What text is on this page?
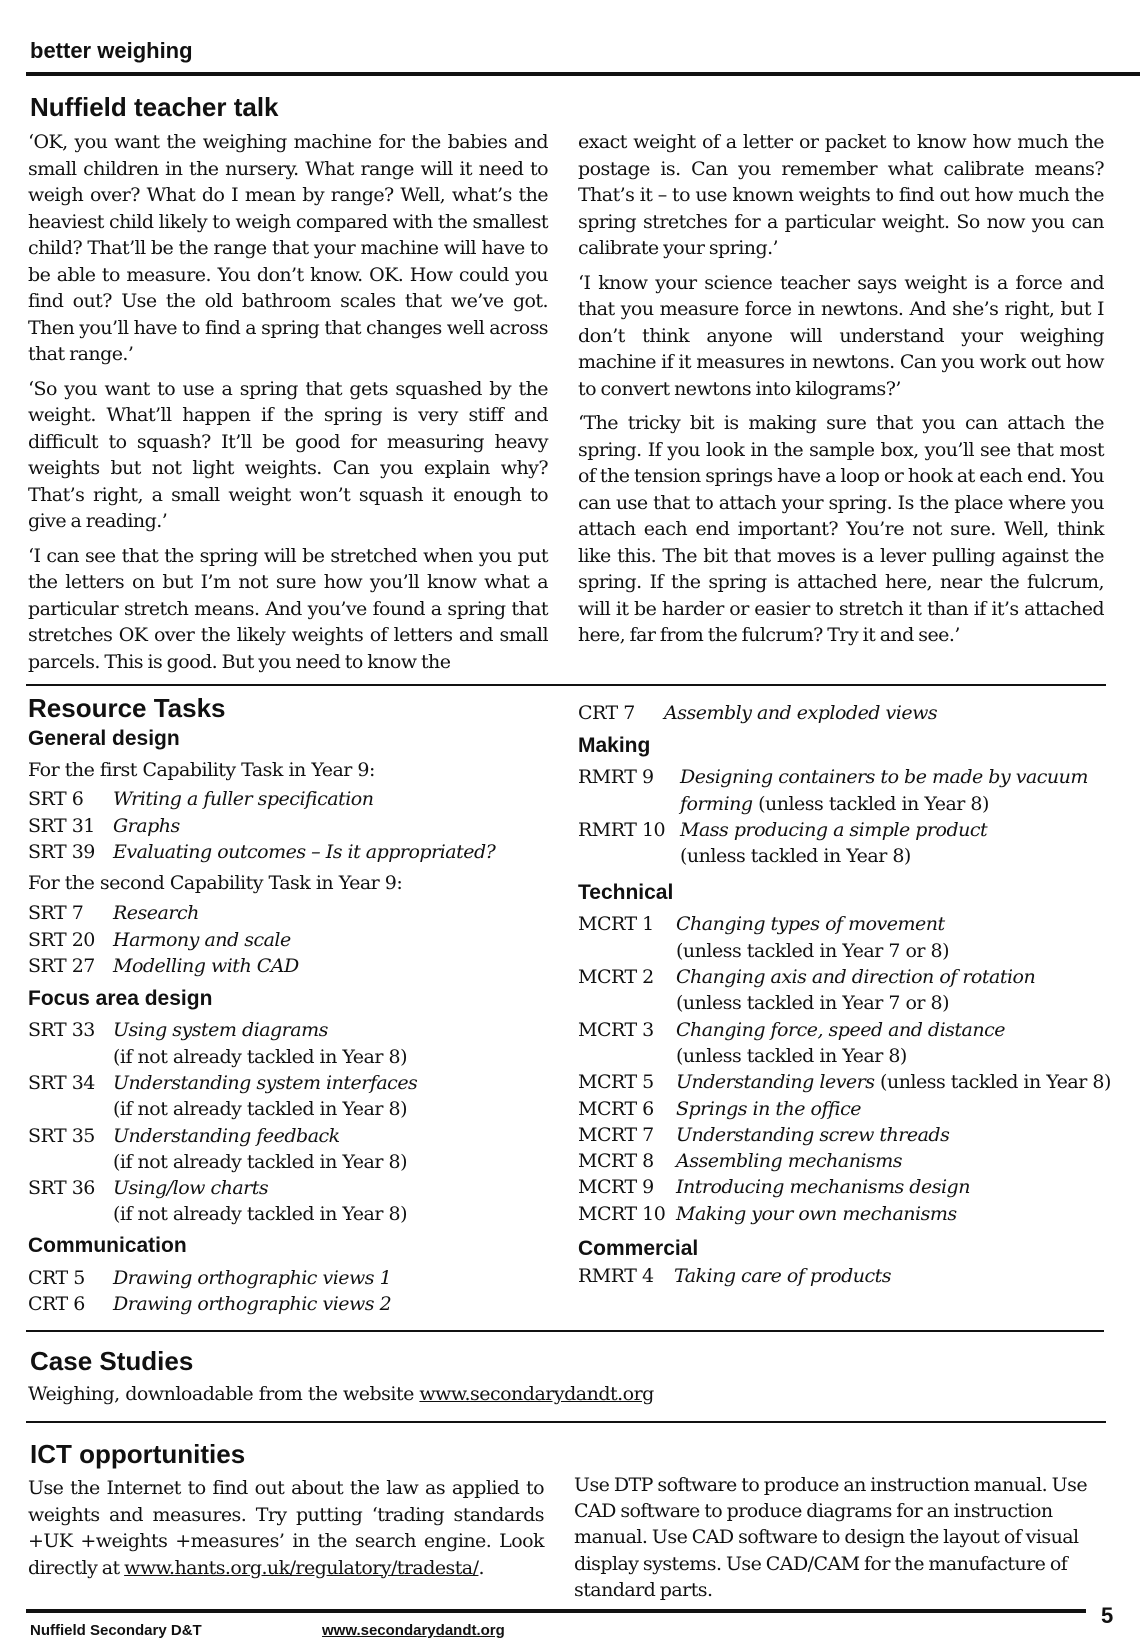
better weighing
Nuffield teacher talk

‘OK, you want the weighing machine for the babies and small children in the nursery. What range will it need to weigh over? What do I mean by range? Well, what’s the heaviest child likely to weigh compared with the smallest child? That’ll be the range that your machine will have to be able to measure. You don’t know. OK. How could you find out? Use the old bathroom scales that we’ve got. Then you’ll have to find a spring that changes well across that range.’

‘So you want to use a spring that gets squashed by the weight. What’ll happen if the spring is very stiff and difficult to squash? It’ll be good for measuring heavy weights but not light weights. Can you explain why? That’s right, a small weight won’t squash it enough to give a reading.’

‘I can see that the spring will be stretched when you put the letters on but I’m not sure how you’ll know what a particular stretch means. And you’ve found a spring that stretches OK over the likely weights of letters and small parcels. This is good. But you need to know the

exact weight of a letter or packet to know how much the postage is. Can you remember what calibrate means? That’s it – to use known weights to find out how much the spring stretches for a particular weight. So now you can calibrate your spring.’

‘I know your science teacher says weight is a force and that you measure force in newtons. And she’s right, but I don’t think anyone will understand your weighing machine if it measures in newtons. Can you work out how to convert newtons into kilograms?’

‘The tricky bit is making sure that you can attach the spring. If you look in the sample box, you’ll see that most of the tension springs have a loop or hook at each end. You can use that to attach your spring. Is the place where you attach each end important? You’re not sure. Well, think like this. The bit that moves is a lever pulling against the spring. If the spring is attached here, near the fulcrum, will it be harder or easier to stretch it than if it’s attached here, far from the fulcrum? Try it and see.’

Resource Tasks
General design
For the first Capability Task in Year 9:
SRT 6	Writing a fuller specification
SRT 31 Graphs
SRT 39 Evaluating outcomes – Is it appropriated?
For the second Capability Task in Year 9:
SRT 7	Research
SRT 20 Harmony and scale
SRT 27 Modelling with CAD
Focus area design
SRT 33 Using system diagrams
(if not already tackled in Year 8)
SRT 34 Understanding system interfaces
(if not already tackled in Year 8)
SRT 35 Understanding feedback
(if not already tackled in Year 8)
SRT 36 Using/low charts
(if not already tackled in Year 8)
Communication
CRT 5	Drawing orthographic views 1
CRT 6	Drawing orthographic views 2
CRT 7	Assembly and exploded views
Making
RMRT 9	Designing containers to be made by vacuum
forming (unless tackled in Year 8)
RMRT 10 Mass producing a simple product
(unless tackled in Year 8)
Technical
MCRT 1	Changing types of movement
(unless tackled in Year 7 or 8)
MCRT 2	Changing axis and direction of rotation
(unless tackled in Year 7 or 8)
MCRT 3	Changing force, speed and distance
(unless tackled in Year 8)
MCRT 5	Understanding levers (unless tackled in Year 8)
MCRT 6	Springs in the office
MCRT 7	Understanding screw threads
MCRT 8	Assembling mechanisms
MCRT 9	Introducing mechanisms design
MCRT 10 Making your own mechanisms
Commercial
RMRT 4	Taking care of products
Case Studies
Weighing, downloadable from the website www.secondarydandt.org
ICT opportunities
Use the Internet to find out about the law as applied to weights and measures. Try putting ‘trading standards +UK +weights +measures’ in the search engine. Look directly at www.hants.org.uk/regulatory/tradesta/.
Use DTP software to produce an instruction manual. Use CAD software to produce diagrams for an instruction manual. Use CAD software to design the layout of visual display systems. Use CAD/CAM for the manufacture of standard parts.
5
Nuffield Secondary D&T	www.secondarydandt.org
